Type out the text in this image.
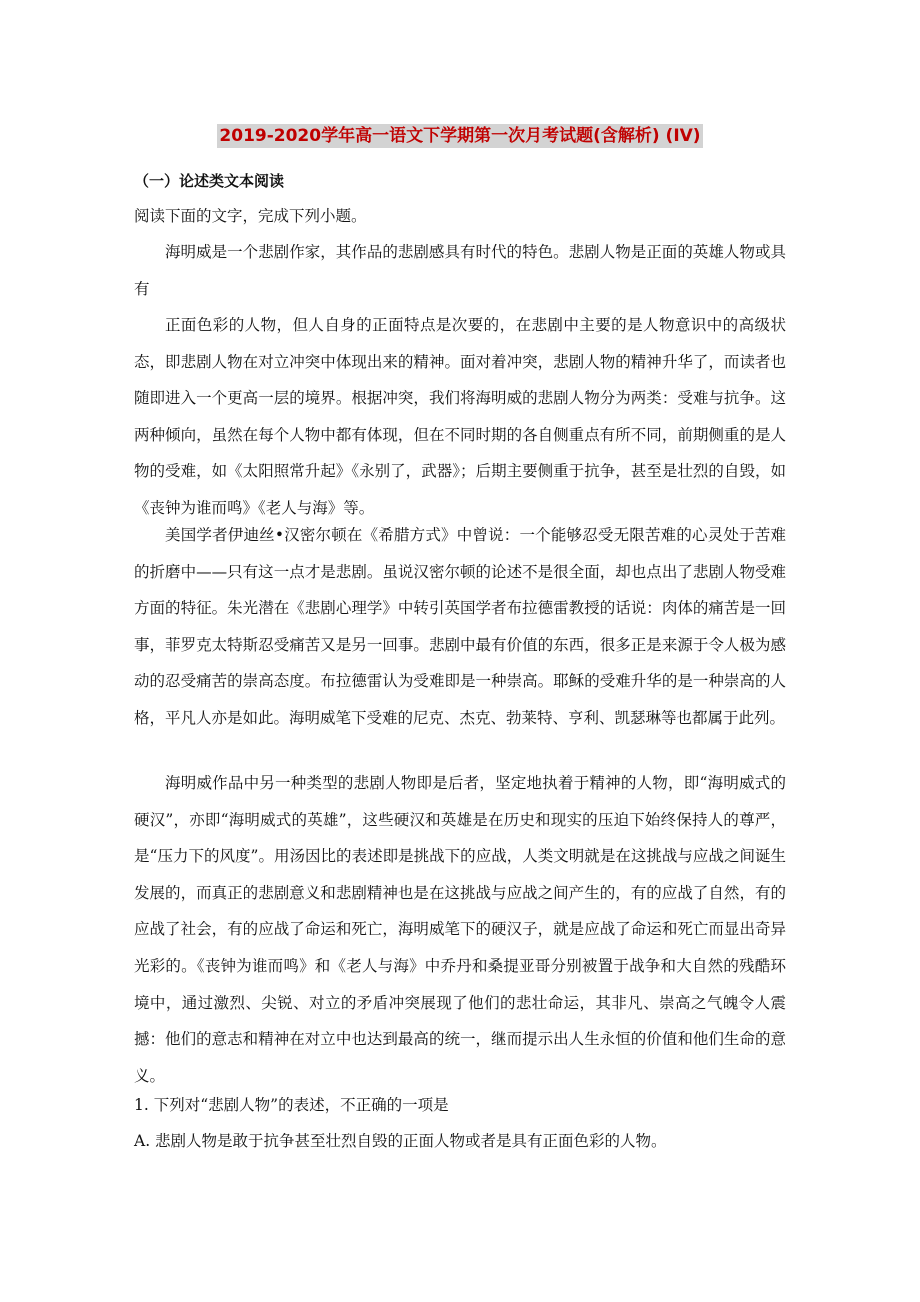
2019-2020学年高一语文下学期第一次月考试题(含解析) (IV)
（一）论述类文本阅读
阅读下面的文字，完成下列小题。

海明威是一个悲剧作家，其作品的悲剧感具有时代的特色。悲剧人物是正面的英雄人物或具有

正面色彩的人物，但人自身的正面特点是次要的，在悲剧中主要的是人物意识中的高级状态，即悲剧人物在对立冲突中体现出来的精神。面对着冲突，悲剧人物的精神升华了，而读者也随即进入一个更高一层的境界。根据冲突，我们将海明威的悲剧人物分为两类：受难与抗争。这两种倾向，虽然在每个人物中都有体现，但在不同时期的各自侧重点有所不同，前期侧重的是人物的受难，如《太阳照常升起》《永别了，武器》；后期主要侧重于抗争，甚至是壮烈的自毁，如《丧钟为谁而鸣》《老人与海》等。

美国学者伊迪丝•汉密尔顿在《希腊方式》中曾说：一个能够忍受无限苦难的心灵处于苦难的折磨中——只有这一点才是悲剧。虽说汉密尔顿的论述不是很全面，却也点出了悲剧人物受难方面的特征。朱光潜在《悲剧心理学》中转引英国学者布拉德雷教授的话说：肉体的痛苦是一回事，菲罗克太特斯忍受痛苦又是另一回事。悲剧中最有价值的东西，很多正是来源于令人极为感动的忍受痛苦的崇高态度。布拉德雷认为受难即是一种崇高。耶稣的受难升华的是一种崇高的人格，平凡人亦是如此。海明威笔下受难的尼克、杰克、勃莱特、亨利、凯瑟琳等也都属于此列。

海明威作品中另一种类型的悲剧人物即是后者，坚定地执着于精神的人物，即“海明威式的硬汉”，亦即“海明威式的英雄”，这些硬汉和英雄是在历史和现实的压迫下始终保持人的尊严，是“压力下的风度”。用汤因比的表述即是挑战下的应战，人类文明就是在这挑战与应战之间诞生发展的，而真正的悲剧意义和悲剧精神也是在这挑战与应战之间产生的，有的应战了自然，有的应战了社会，有的应战了命运和死亡，海明威笔下的硬汉子，就是应战了命运和死亡而显出奇异光彩的。《丧钟为谁而鸣》和《老人与海》中乔丹和桑提亚哥分别被置于战争和大自然的残酷环境中，通过激烈、尖锐、对立的矛盾冲突展现了他们的悲壮命运，其非凡、崇高之气魄令人震撼：他们的意志和精神在对立中也达到最高的统一，继而提示出人生永恒的价值和他们生命的意义。

1. 下列对“悲剧人物”的表述，不正确的一项是
A. 悲剧人物是敢于抗争甚至壮烈自毁的正面人物或者是具有正面色彩的人物。
